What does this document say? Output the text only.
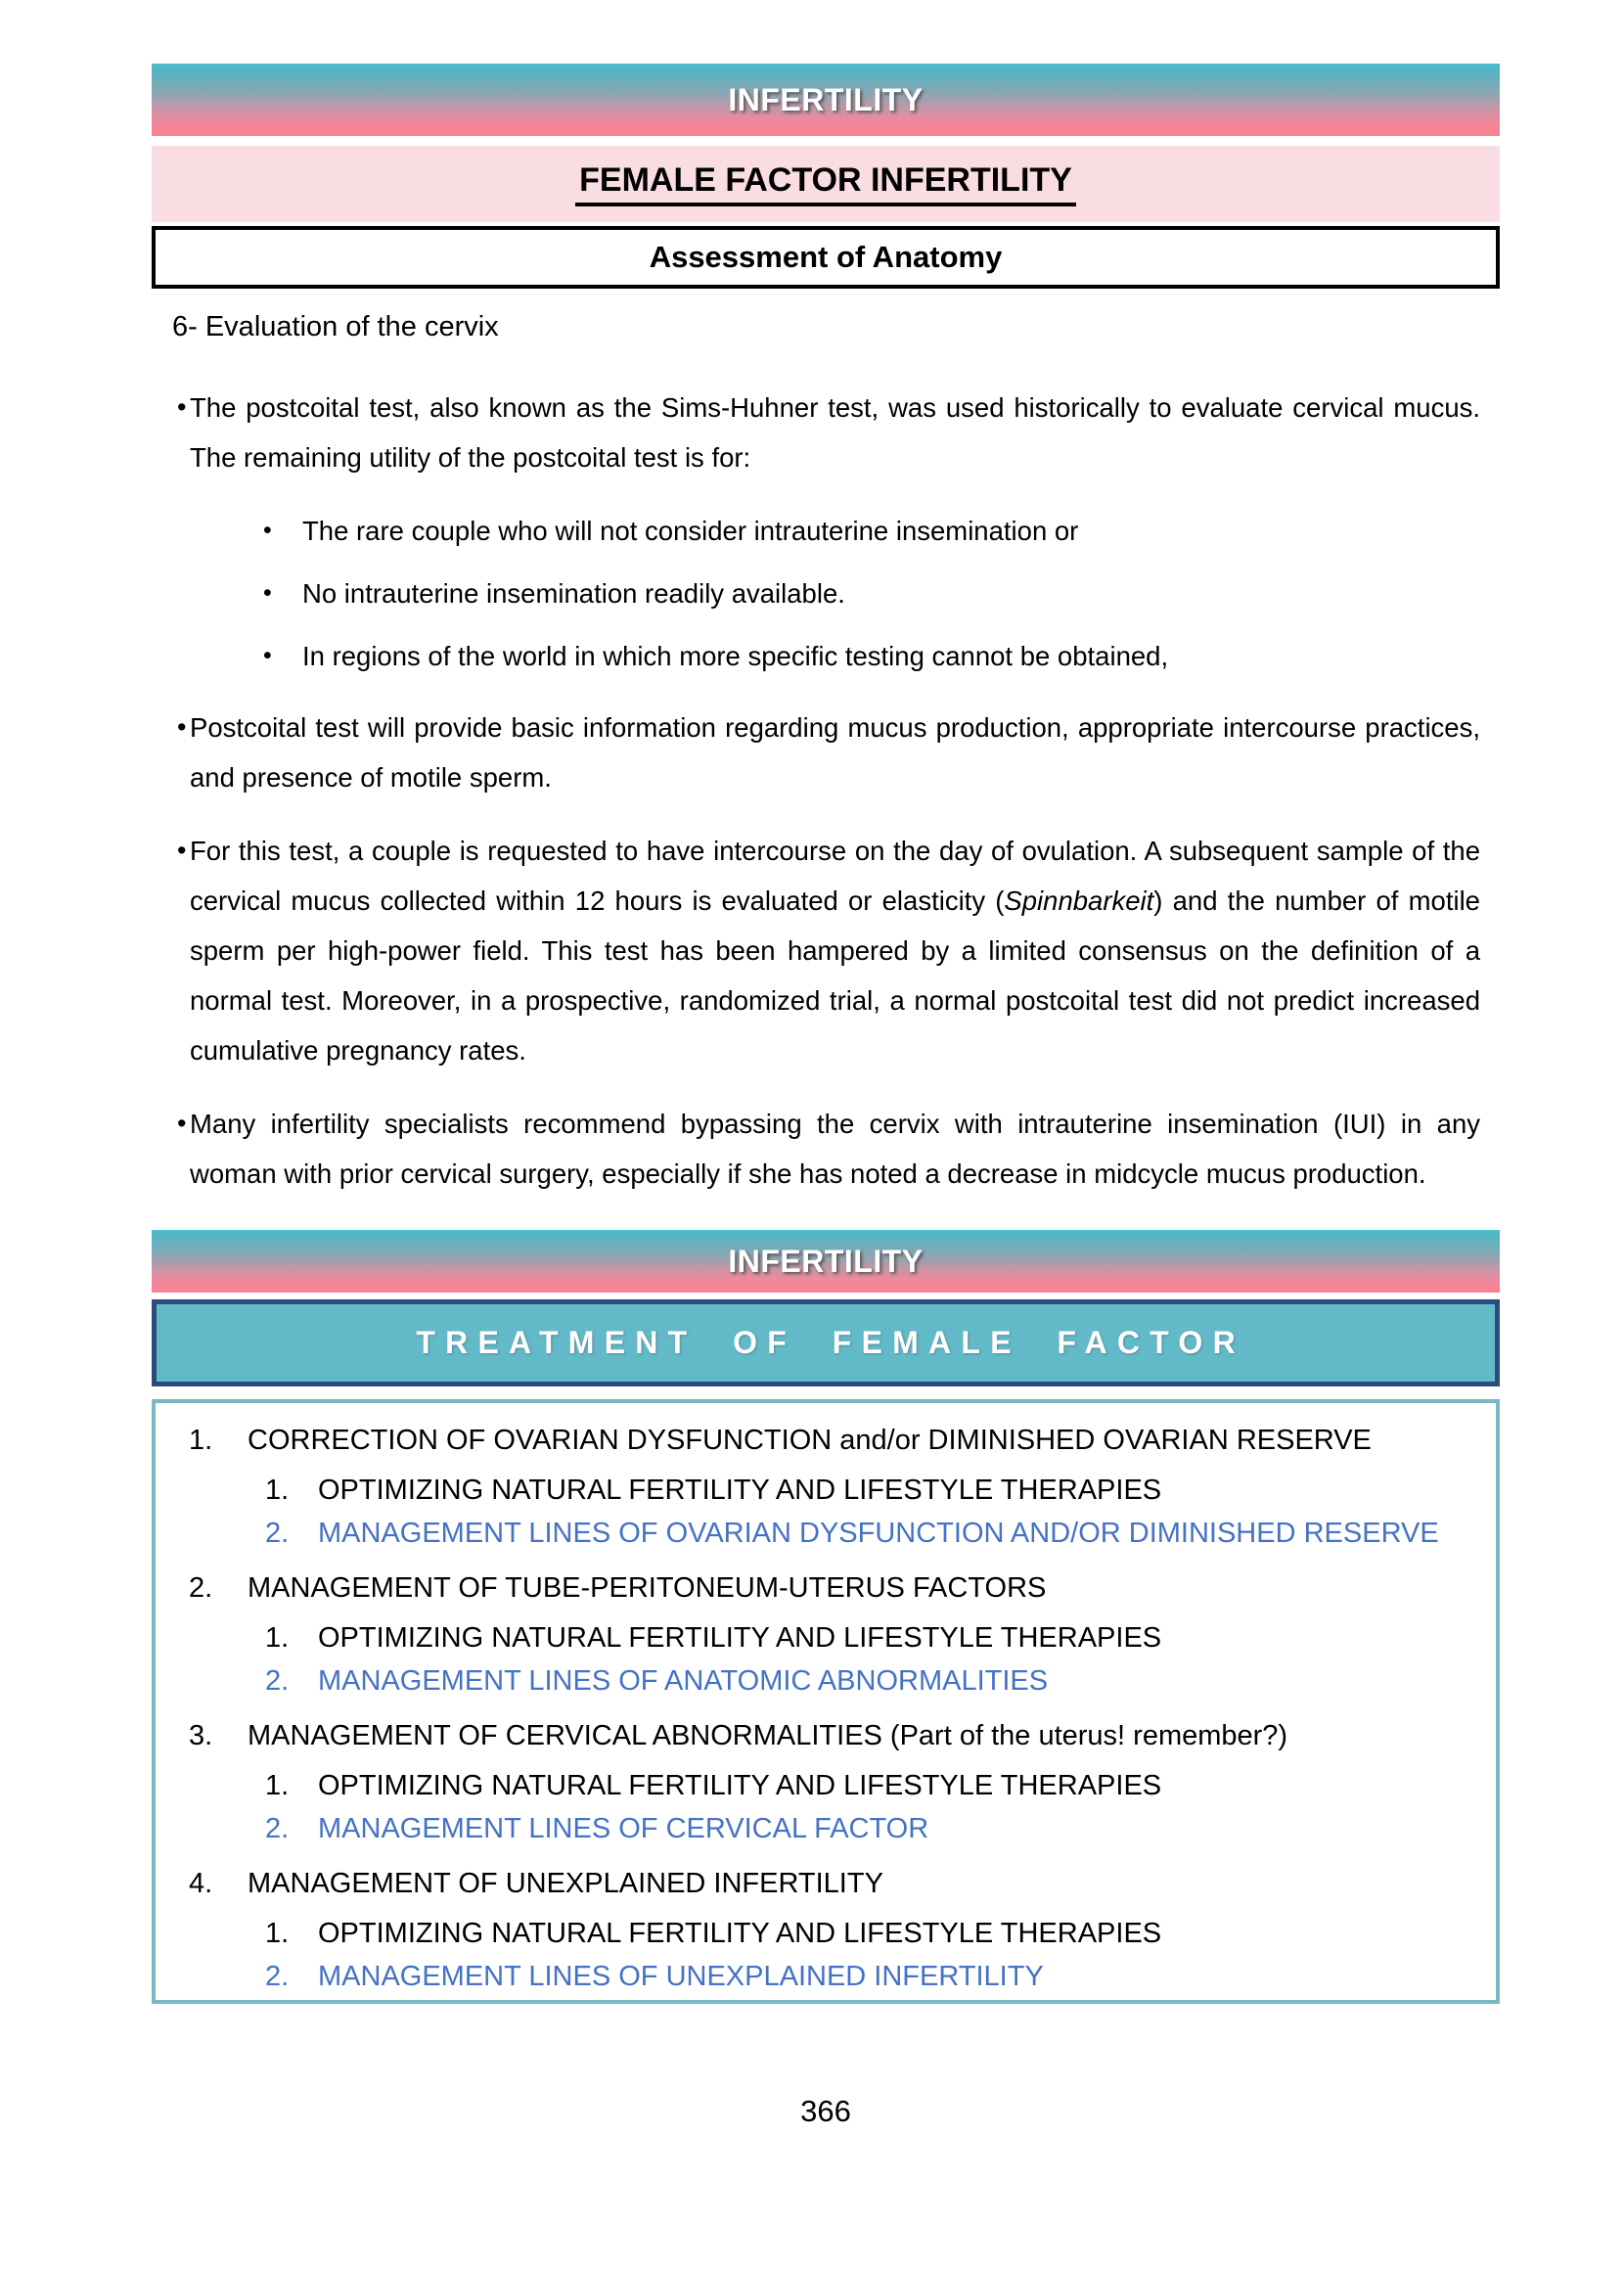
INFERTILITY
FEMALE FACTOR INFERTILITY
Assessment of Anatomy
6- Evaluation of the cervix
• The postcoital test, also known as the Sims-Huhner test, was used historically to evaluate cervical mucus. The remaining utility of the postcoital test is for:
•	The rare couple who will not consider intrauterine insemination or
•	No intrauterine insemination readily available.
•	In regions of the world in which more specific testing cannot be obtained,
• Postcoital test will provide basic information regarding mucus production, appropriate intercourse practices, and presence of motile sperm.
• For this test, a couple is requested to have intercourse on the day of ovulation. A subsequent sample of the cervical mucus collected within 12 hours is evaluated or elasticity (Spinnbarkeit) and the number of motile sperm per high-power field. This test has been hampered by a limited consensus on the definition of a normal test. Moreover, in a prospective, randomized trial, a normal postcoital test did not predict increased cumulative pregnancy rates.
• Many infertility specialists recommend bypassing the cervix with intrauterine insemination (IUI) in any woman with prior cervical surgery, especially if she has noted a decrease in midcycle mucus production.
INFERTILITY
TREATMENT OF FEMALE FACTOR
1.	CORRECTION OF OVARIAN DYSFUNCTION and/or DIMINISHED OVARIAN RESERVE
1.	OPTIMIZING NATURAL FERTILITY AND LIFESTYLE THERAPIES
2.	MANAGEMENT LINES OF OVARIAN DYSFUNCTION AND/OR DIMINISHED RESERVE
2.	MANAGEMENT OF TUBE-PERITONEUM-UTERUS FACTORS
1.	OPTIMIZING NATURAL FERTILITY AND LIFESTYLE THERAPIES
2.	MANAGEMENT LINES OF ANATOMIC ABNORMALITIES
3.	MANAGEMENT OF CERVICAL ABNORMALITIES (Part of the uterus! remember?)
1.	OPTIMIZING NATURAL FERTILITY AND LIFESTYLE THERAPIES
2.	MANAGEMENT LINES OF CERVICAL FACTOR
4.	MANAGEMENT OF UNEXPLAINED INFERTILITY
1.	OPTIMIZING NATURAL FERTILITY AND LIFESTYLE THERAPIES
2.	MANAGEMENT LINES OF UNEXPLAINED INFERTILITY
366
